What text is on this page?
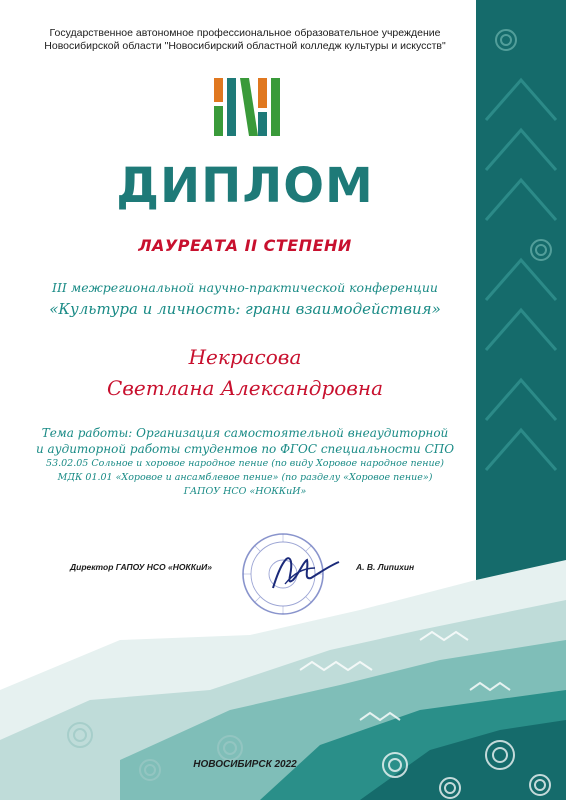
Государственное автономное профессиональное образовательное учреждение
Новосибирской области "Новосибирский областной колледж культуры и искусств"
ДИПЛОМ
ЛАУРЕАТА II СТЕПЕНИ
III межрегиональной научно-практической конференции
«Культура и личность: грани взаимодействия»
Некрасова
Светлана Александровна
Тема работы: Организация самостоятельной внеаудиторной
и аудиторной работы студентов по ФГОС специальности СПО
53.02.05 Сольное и хоровое народное пение (по виду Хоровое народное пение)
МДК 01.01 «Хоровое и ансамблевое пение» (по разделу «Хоровое пение»)
ГАПОУ НСО «НОККиИ»
Директор ГАПОУ НСО «НОККиИ»	А. В. Липихин
НОВОСИБИРСК 2022
